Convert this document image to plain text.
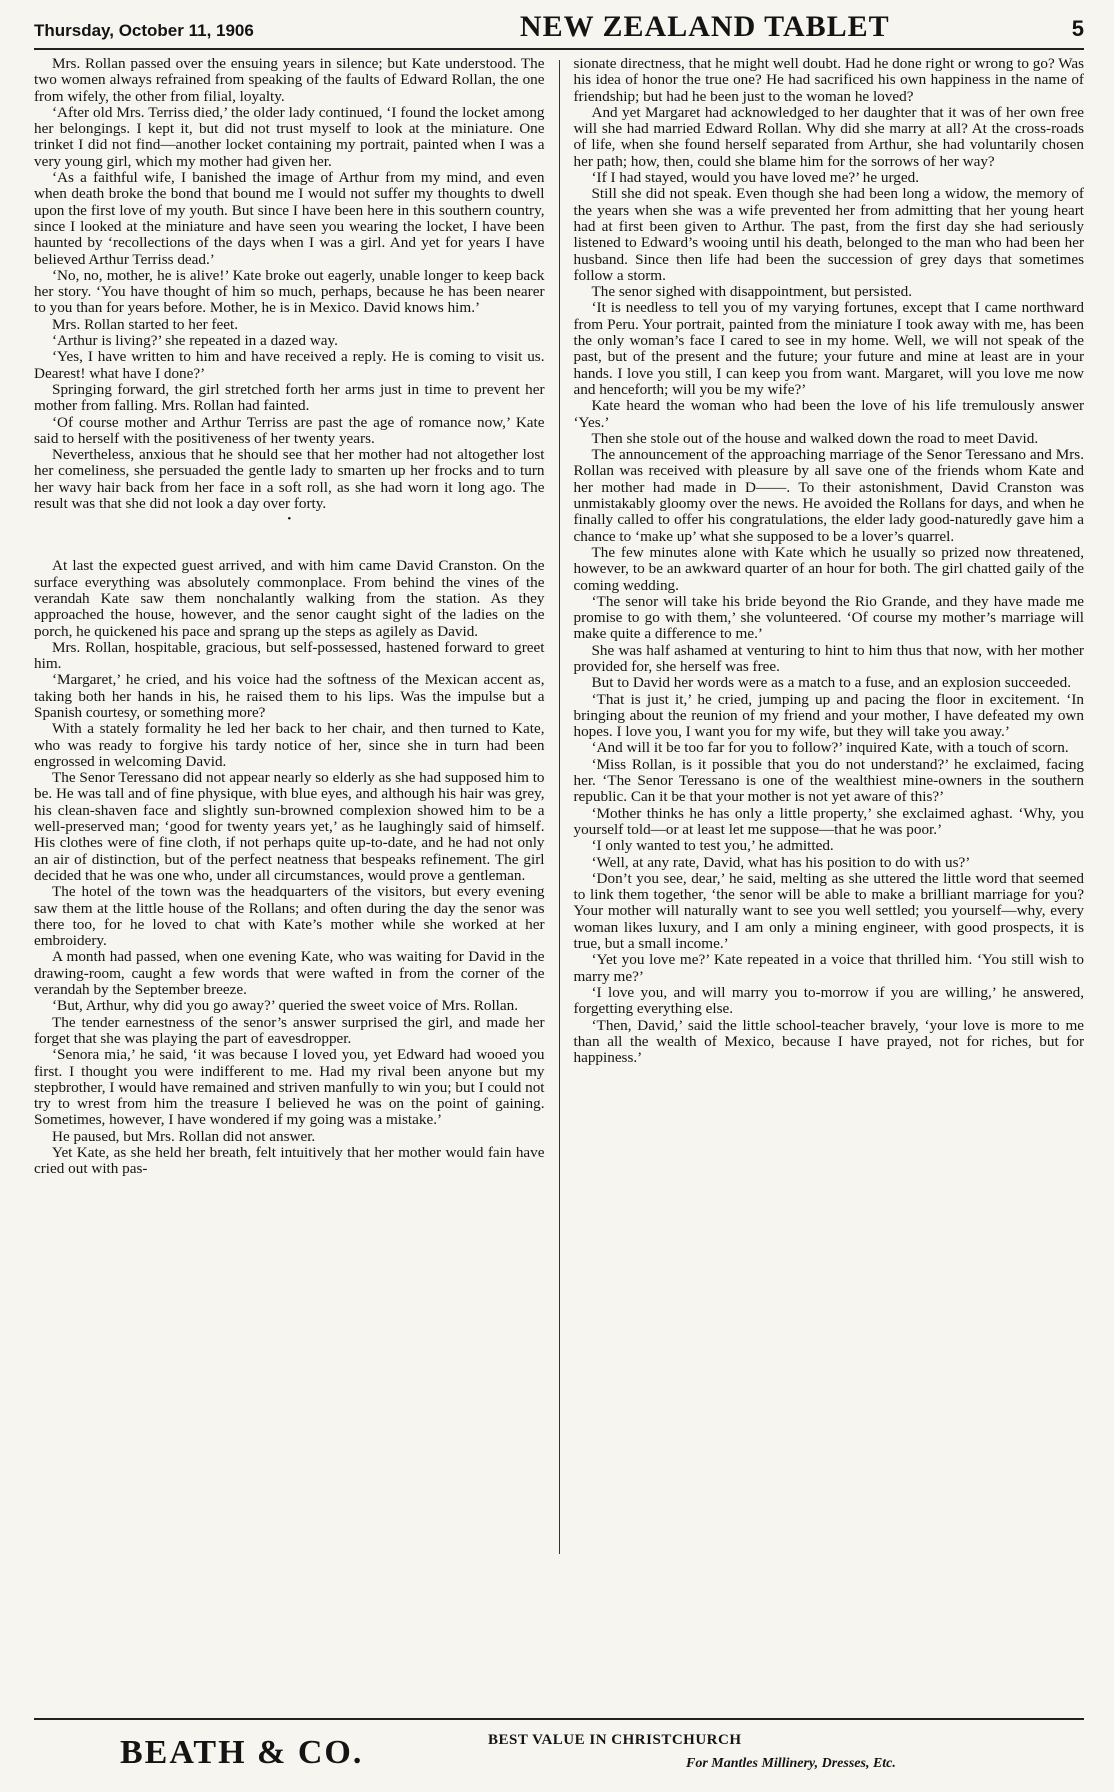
Thursday, October 11, 1906	NEW ZEALAND TABLET	5

Mrs. Rollan passed over the ensuing years in silence; but Kate understood. The two women always refrained from speaking of the faults of Edward Rollan, the one from wifely, the other from filial, loyalty.

‘After old Mrs. Terriss died,’ the older lady continued, ‘I found the locket among her belongings. I kept it, but did not trust myself to look at the miniature. One trinket I did not find—another locket containing my portrait, painted when I was a very young girl, which my mother had given her.

‘As a faithful wife, I banished the image of Arthur from my mind, and even when death broke the bond that bound me I would not suffer my thoughts to dwell upon the first love of my youth. But since I have been here in this southern country, since I looked at the miniature and have seen you wearing the locket, I have been haunted by ‘recollections of the days when I was a girl. And yet for years I have believed Arthur Terriss dead.’

‘No, no, mother, he is alive!’ Kate broke out eagerly, unable longer to keep back her story. ‘You have thought of him so much, perhaps, because he has been nearer to you than for years before. Mother, he is in Mexico. David knows him.’

Mrs. Rollan started to her feet.

‘Arthur is living?’ she repeated in a dazed way.

‘Yes, I have written to him and have received a reply. He is coming to visit us. Dearest! what have I done?’

Springing forward, the girl stretched forth her arms just in time to prevent her mother from falling. Mrs. Rollan had fainted.

‘Of course mother and Arthur Terriss are past the age of romance now,’ Kate said to herself with the positiveness of her twenty years.

Nevertheless, anxious that he should see that her mother had not altogether lost her comeliness, she persuaded the gentle lady to smarten up her frocks and to turn her wavy hair back from her face in a soft roll, as she had worn it long ago. The result was that she did not look a day over forty.

•

At last the expected guest arrived, and with him came David Cranston. On the surface everything was absolutely commonplace. From behind the vines of the verandah Kate saw them nonchalantly walking from the station. As they approached the house, however, and the senor caught sight of the ladies on the porch, he quickened his pace and sprang up the steps as agilely as David.

Mrs. Rollan, hospitable, gracious, but self-possessed, hastened forward to greet him.

‘Margaret,’ he cried, and his voice had the softness of the Mexican accent as, taking both her hands in his, he raised them to his lips. Was the impulse but a Spanish courtesy, or something more?

With a stately formality he led her back to her chair, and then turned to Kate, who was ready to forgive his tardy notice of her, since she in turn had been engrossed in welcoming David.

The Senor Teressano did not appear nearly so elderly as she had supposed him to be. He was tall and of fine physique, with blue eyes, and although his hair was grey, his clean-shaven face and slightly sun-browned complexion showed him to be a well-preserved man; ‘good for twenty years yet,’ as he laughingly said of himself. His clothes were of fine cloth, if not perhaps quite up-to-date, and he had not only an air of distinction, but of the perfect neatness that bespeaks refinement. The girl decided that he was one who, under all circumstances, would prove a gentleman.

The hotel of the town was the headquarters of the visitors, but every evening saw them at the little house of the Rollans; and often during the day the senor was there too, for he loved to chat with Kate’s mother while she worked at her embroidery.

A month had passed, when one evening Kate, who was waiting for David in the drawing-room, caught a few words that were wafted in from the corner of the verandah by the September breeze.

‘But, Arthur, why did you go away?’ queried the sweet voice of Mrs. Rollan.

The tender earnestness of the senor’s answer surprised the girl, and made her forget that she was playing the part of eavesdropper.

‘Senora mia,’ he said, ‘it was because I loved you, yet Edward had wooed you first. I thought you were indifferent to me. Had my rival been anyone but my stepbrother, I would have remained and striven manfully to win you; but I could not try to wrest from him the treasure I believed he was on the point of gaining. Sometimes, however, I have wondered if my going was a mistake.’

He paused, but Mrs. Rollan did not answer.

Yet Kate, as she held her breath, felt intuitively that her mother would fain have cried out with pas-

sionate directness, that he might well doubt. Had he done right or wrong to go? Was his idea of honor the true one? He had sacrificed his own happiness in the name of friendship; but had he been just to the woman he loved?

And yet Margaret had acknowledged to her daughter that it was of her own free will she had married Edward Rollan. Why did she marry at all? At the cross-roads of life, when she found herself separated from Arthur, she had voluntarily chosen her path; how, then, could she blame him for the sorrows of her way?

‘If I had stayed, would you have loved me?’ he urged.

Still she did not speak. Even though she had been long a widow, the memory of the years when she was a wife prevented her from admitting that her young heart had at first been given to Arthur. The past, from the first day she had seriously listened to Edward’s wooing until his death, belonged to the man who had been her husband. Since then life had been the succession of grey days that sometimes follow a storm.

The senor sighed with disappointment, but persisted.

‘It is needless to tell you of my varying fortunes, except that I came northward from Peru. Your portrait, painted from the miniature I took away with me, has been the only woman’s face I cared to see in my home. Well, we will not speak of the past, but of the present and the future; your future and mine at least are in your hands. I love you still, I can keep you from want. Margaret, will you love me now and henceforth; will you be my wife?’

Kate heard the woman who had been the love of his life tremulously answer ‘Yes.’

Then she stole out of the house and walked down the road to meet David.

The announcement of the approaching marriage of the Senor Teressano and Mrs. Rollan was received with pleasure by all save one of the friends whom Kate and her mother had made in D——. To their astonishment, David Cranston was unmistakably gloomy over the news. He avoided the Rollans for days, and when he finally called to offer his congratulations, the elder lady good-naturedly gave him a chance to ‘make up’ what she supposed to be a lover’s quarrel.

The few minutes alone with Kate which he usually so prized now threatened, however, to be an awkward quarter of an hour for both. The girl chatted gaily of the coming wedding.

‘The senor will take his bride beyond the Rio Grande, and they have made me promise to go with them,’ she volunteered. ‘Of course my mother’s marriage will make quite a difference to me.’

She was half ashamed at venturing to hint to him thus that now, with her mother provided for, she herself was free.

But to David her words were as a match to a fuse, and an explosion succeeded.

‘That is just it,’ he cried, jumping up and pacing the floor in excitement. ‘In bringing about the reunion of my friend and your mother, I have defeated my own hopes. I love you, I want you for my wife, but they will take you away.’

‘And will it be too far for you to follow?’ inquired Kate, with a touch of scorn.

‘Miss Rollan, is it possible that you do not understand?’ he exclaimed, facing her. ‘The Senor Teressano is one of the wealthiest mine-owners in the southern republic. Can it be that your mother is not yet aware of this?’

‘Mother thinks he has only a little property,’ she exclaimed aghast. ‘Why, you yourself told—or at least let me suppose—that he was poor.’

‘I only wanted to test you,’ he admitted.

‘Well, at any rate, David, what has his position to do with us?’

‘Don’t you see, dear,’ he said, melting as she uttered the little word that seemed to link them together, ‘the senor will be able to make a brilliant marriage for you? Your mother will naturally want to see you well settled; you yourself—why, every woman likes luxury, and I am only a mining engineer, with good prospects, it is true, but a small income.’

‘Yet you love me?’ Kate repeated in a voice that thrilled him. ‘You still wish to marry me?’

‘I love you, and will marry you to-morrow if you are willing,’ he answered, forgetting everything else.

‘Then, David,’ said the little school-teacher bravely, ‘your love is more to me than all the wealth of Mexico, because I have prayed, not for riches, but for happiness.’

BEATH & CO.	BEST VALUE IN CHRISTCHURCH
For Mantles Millinery, Dresses, Etc.
